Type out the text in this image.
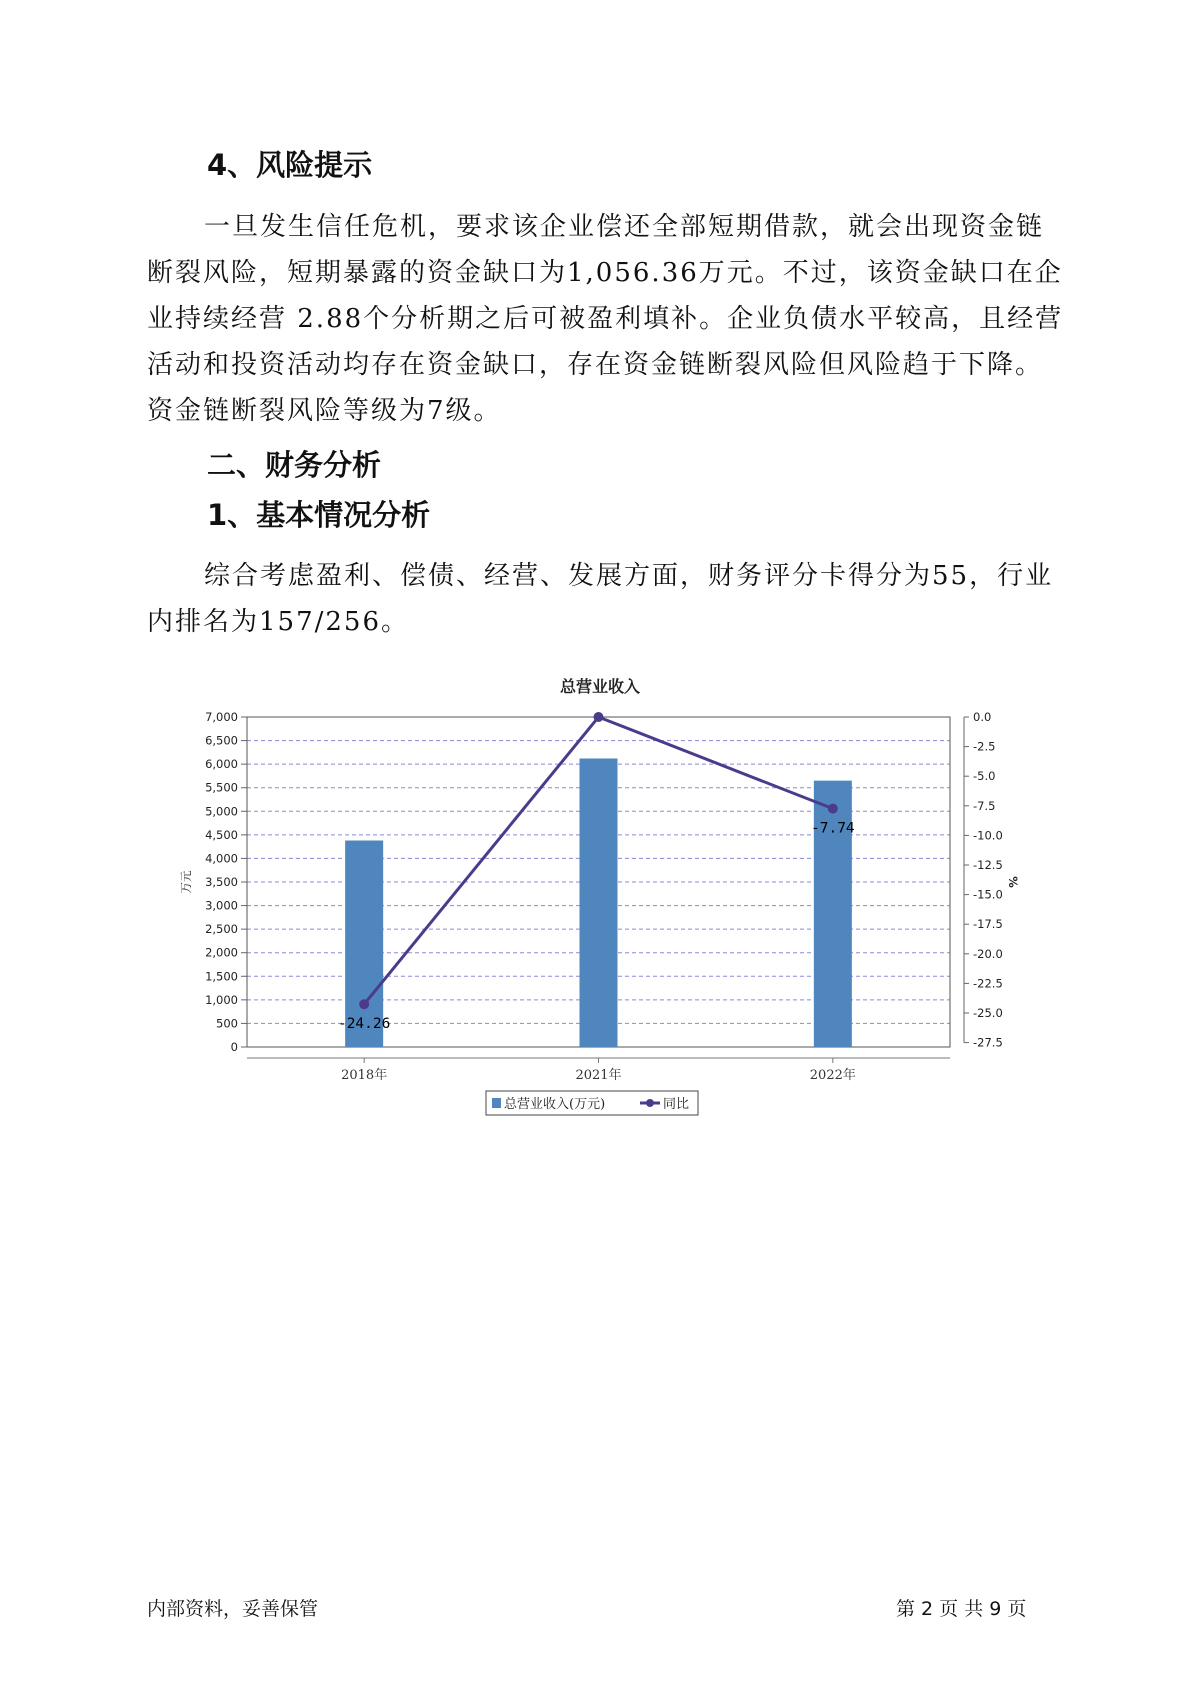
4、风险提示

一旦发生信任危机，要求该企业偿还全部短期借款，就会出现资金链断裂风险，短期暴露的资金缺口为1,056.36万元。不过，该资金缺口在企业持续经营 2.88个分析期之后可被盈利填补。企业负债水平较高，且经营活动和投资活动均存在资金缺口，存在资金链断裂风险但风险趋于下降。资金链断裂风险等级为7级。

二、财务分析
1、基本情况分析

综合考虑盈利、偿债、经营、发展方面，财务评分卡得分为55，行业内排名为157/256。

总营业收入
0
500
1,000
1,500
2,000
2,500
3,000
3,500
4,000
4,500
5,000
5,500
6,000
6,500
7,000	0.0
-2.5
-5.0
-7.5
-10.0
-12.5
-15.0
-17.5
-20.0
-22.5
-25.0
-27.5
万元	%
-24.26
-7.74
2018年	2021年	2022年
总营业收入(万元)	同比
内部资料，妥善保管	第 2 页 共 9 页
